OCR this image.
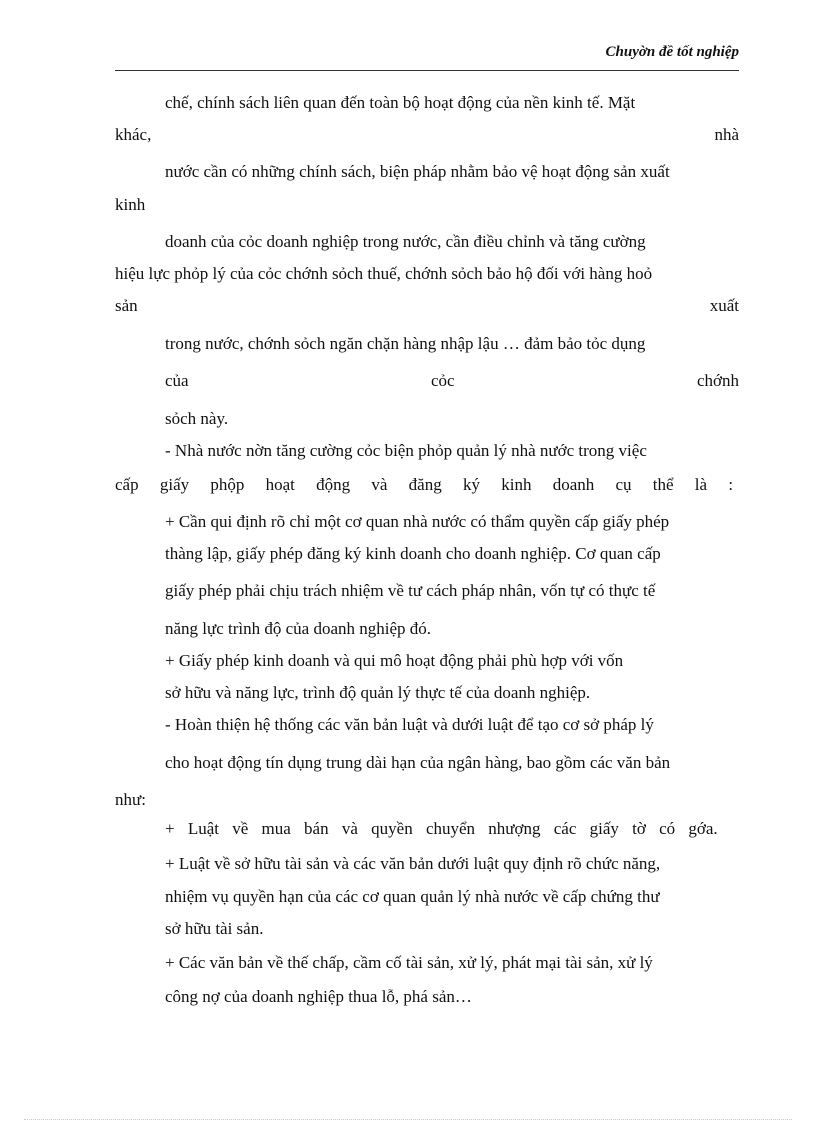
Chuyờn đề tốt nghiệp
chế, chính sách liên quan đến toàn bộ hoạt động của nền kinh tế. Mặt
khác,	nhà
nước cần có những chính sách, biện pháp nhằm bảo vệ hoạt động sản xuất
kinh
doanh của cỏc doanh nghiệp trong nước, cần điều chỉnh và tăng cường
hiệu lực phỏp lý của cỏc chớnh sỏch thuế, chớnh sỏch bảo hộ đối với hàng hoỏ
sản	xuất
trong nước, chớnh sỏch ngăn chặn hàng nhập lậu … đảm bảo tỏc dụng
của	cỏc	chớnh
sỏch này.
- Nhà nước nờn tăng cường cỏc biện phỏp quản lý nhà nước trong việc
cấp giấy phộp hoạt động và đăng ký kinh doanh cụ thể là :
+ Cần qui định rõ chỉ một cơ quan nhà nước có thẩm quyền cấp giấy phép
thàng lập, giấy phép đăng ký kinh doanh cho doanh nghiệp. Cơ quan cấp
giấy phép phải chịu trách nhiệm về tư cách pháp nhân, vốn tự có thực tế
năng lực trình độ của doanh nghiệp đó.
+ Giấy phép kinh doanh và qui mô hoạt động phải phù hợp với vốn
sở hữu và năng lực, trình độ quản lý thực tế của doanh nghiệp.
- Hoàn thiện hệ thống các văn bản luật và dưới luật để tạo cơ sở pháp lý
cho hoạt động tín dụng trung dài hạn của ngân hàng, bao gồm các văn bản
như:
+ Luật về mua bán và quyền chuyển nhượng các giấy tờ có gớa.
+ Luật về sở hữu tài sản và các văn bản dưới luật quy định rõ chức năng,
nhiệm vụ quyền hạn của các cơ quan quản lý nhà nước về cấp chứng thư
sở hữu tài sản.
+ Các văn bản về thế chấp, cầm cố tài sản, xử lý, phát mại tài sản, xử lý
công nợ của doanh nghiệp thua lỗ, phá sản…
